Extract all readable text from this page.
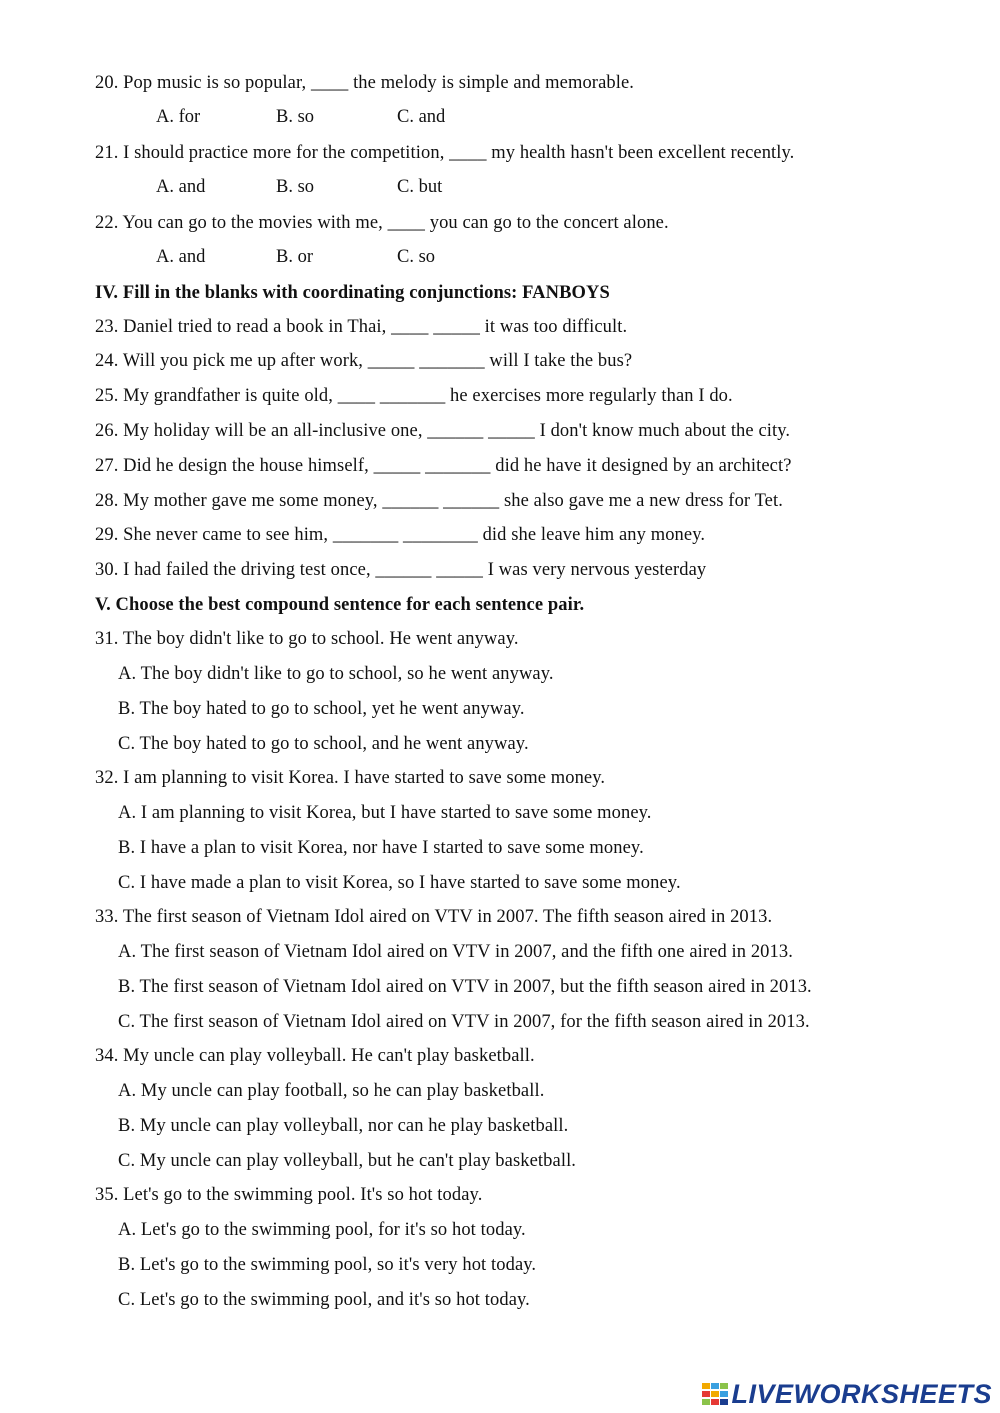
20. Pop music is so popular, ____ the melody is simple and memorable.
A. for	B. so	C. and
21. I should practice more for the competition, ____ my health hasn't been excellent recently.
A. and	B. so	C. but
22. You can go to the movies with me, ____ you can go to the concert alone.
A. and	B. or	C. so
IV. Fill in the blanks with coordinating conjunctions: FANBOYS
23. Daniel tried to read a book in Thai, ____ _____ it was too difficult.
24. Will you pick me up after work, _____ _______ will I take the bus?
25. My grandfather is quite old, ____ _______ he exercises more regularly than I do.
26. My holiday will be an all-inclusive one, ______ _____ I don't know much about the city.
27. Did he design the house himself, _____ _______ did he have it designed by an architect?
28. My mother gave me some money, ______ ______ she also gave me a new dress for Tet.
29. She never came to see him, _______ ________ did she leave him any money.
30. I had failed the driving test once, ______ _____ I was very nervous yesterday
V. Choose the best compound sentence for each sentence pair.
31. The boy didn't like to go to school. He went anyway.
A. The boy didn't like to go to school, so he went anyway.
B. The boy hated to go to school, yet he went anyway.
C. The boy hated to go to school, and he went anyway.
32. I am planning to visit Korea. I have started to save some money.
A. I am planning to visit Korea, but I have started to save some money.
B. I have a plan to visit Korea, nor have I started to save some money.
C. I have made a plan to visit Korea, so I have started to save some money.
33. The first season of Vietnam Idol aired on VTV in 2007. The fifth season aired in 2013.
A. The first season of Vietnam Idol aired on VTV in 2007, and the fifth one aired in 2013.
B. The first season of Vietnam Idol aired on VTV in 2007, but the fifth season aired in 2013.
C. The first season of Vietnam Idol aired on VTV in 2007, for the fifth season aired in 2013.
34. My uncle can play volleyball. He can't play basketball.
A. My uncle can play football, so he can play basketball.
B. My uncle can play volleyball, nor can he play basketball.
C. My uncle can play volleyball, but he can't play basketball.
35. Let's go to the swimming pool. It's so hot today.
A. Let's go to the swimming pool, for it's so hot today.
B. Let's go to the swimming pool, so it's very hot today.
C. Let's go to the swimming pool, and it's so hot today.
LIVEWORKSHEETS
